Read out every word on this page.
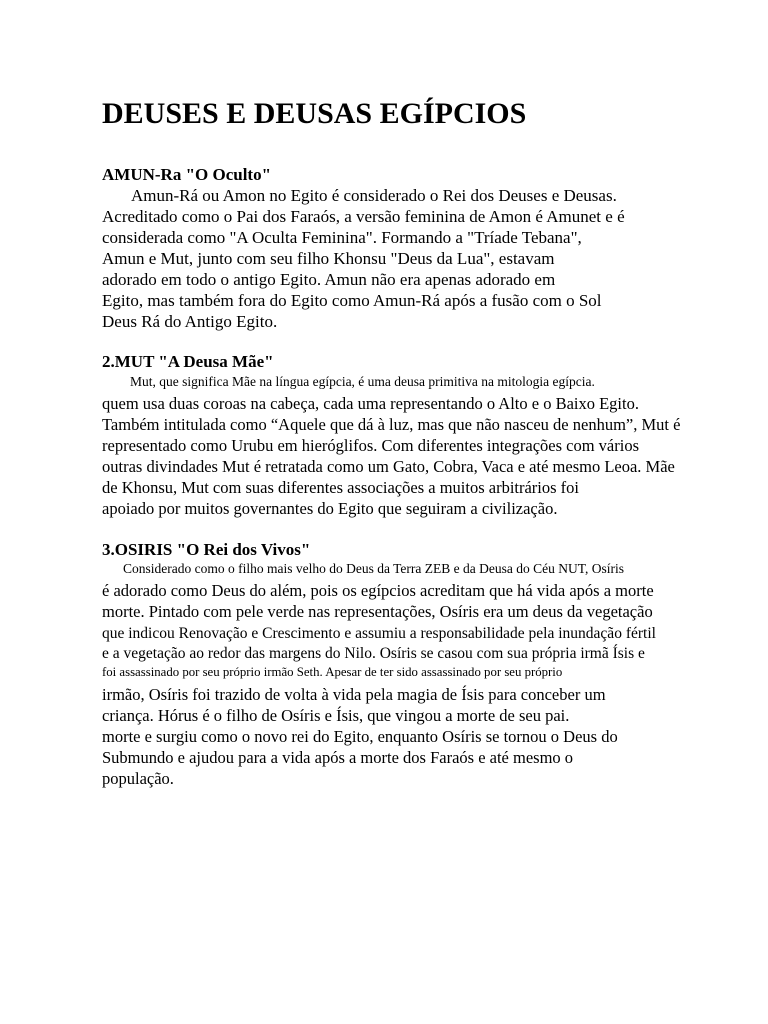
DEUSES E DEUSAS EGÍPCIOS
AMUN-Ra "O Oculto"
Amun-Rá ou Amon no Egito é considerado o Rei dos Deuses e Deusas.
Acreditado como o Pai dos Faraós, a versão feminina de Amon é Amunet e é
considerada como "A Oculta Feminina". Formando a "Tríade Tebana",
Amun e Mut, junto com seu filho Khonsu "Deus da Lua", estavam
adorado em todo o antigo Egito. Amun não era apenas adorado em
Egito, mas também fora do Egito como Amun-Rá após a fusão com o Sol
Deus Rá do Antigo Egito.
2.MUT "A Deusa Mãe"
Mut, que significa Mãe na língua egípcia, é uma deusa primitiva na mitologia egípcia.
quem usa duas coroas na cabeça, cada uma representando o Alto e o Baixo Egito.
Também intitulada como “Aquele que dá à luz, mas que não nasceu de nenhum”, Mut é
representado como Urubu em hieróglifos. Com diferentes integrações com vários
outras divindades Mut é retratada como um Gato, Cobra, Vaca e até mesmo Leoa. Mãe
de Khonsu, Mut com suas diferentes associações a muitos arbitrários foi
apoiado por muitos governantes do Egito que seguiram a civilização.
3.OSIRIS "O Rei dos Vivos"
Considerado como o filho mais velho do Deus da Terra ZEB e da Deusa do Céu NUT, Osíris
é adorado como Deus do além, pois os egípcios acreditam que há vida após a morte
morte. Pintado com pele verde nas representações, Osíris era um deus da vegetação
que indicou Renovação e Crescimento e assumiu a responsabilidade pela inundação fértil
e a vegetação ao redor das margens do Nilo. Osíris se casou com sua própria irmã Ísis e
foi assassinado por seu próprio irmão Seth. Apesar de ter sido assassinado por seu próprio
irmão, Osíris foi trazido de volta à vida pela magia de Ísis para conceber um
criança. Hórus é o filho de Osíris e Ísis, que vingou a morte de seu pai.
morte e surgiu como o novo rei do Egito, enquanto Osíris se tornou o Deus do
Submundo e ajudou para a vida após a morte dos Faraós e até mesmo o
população.
